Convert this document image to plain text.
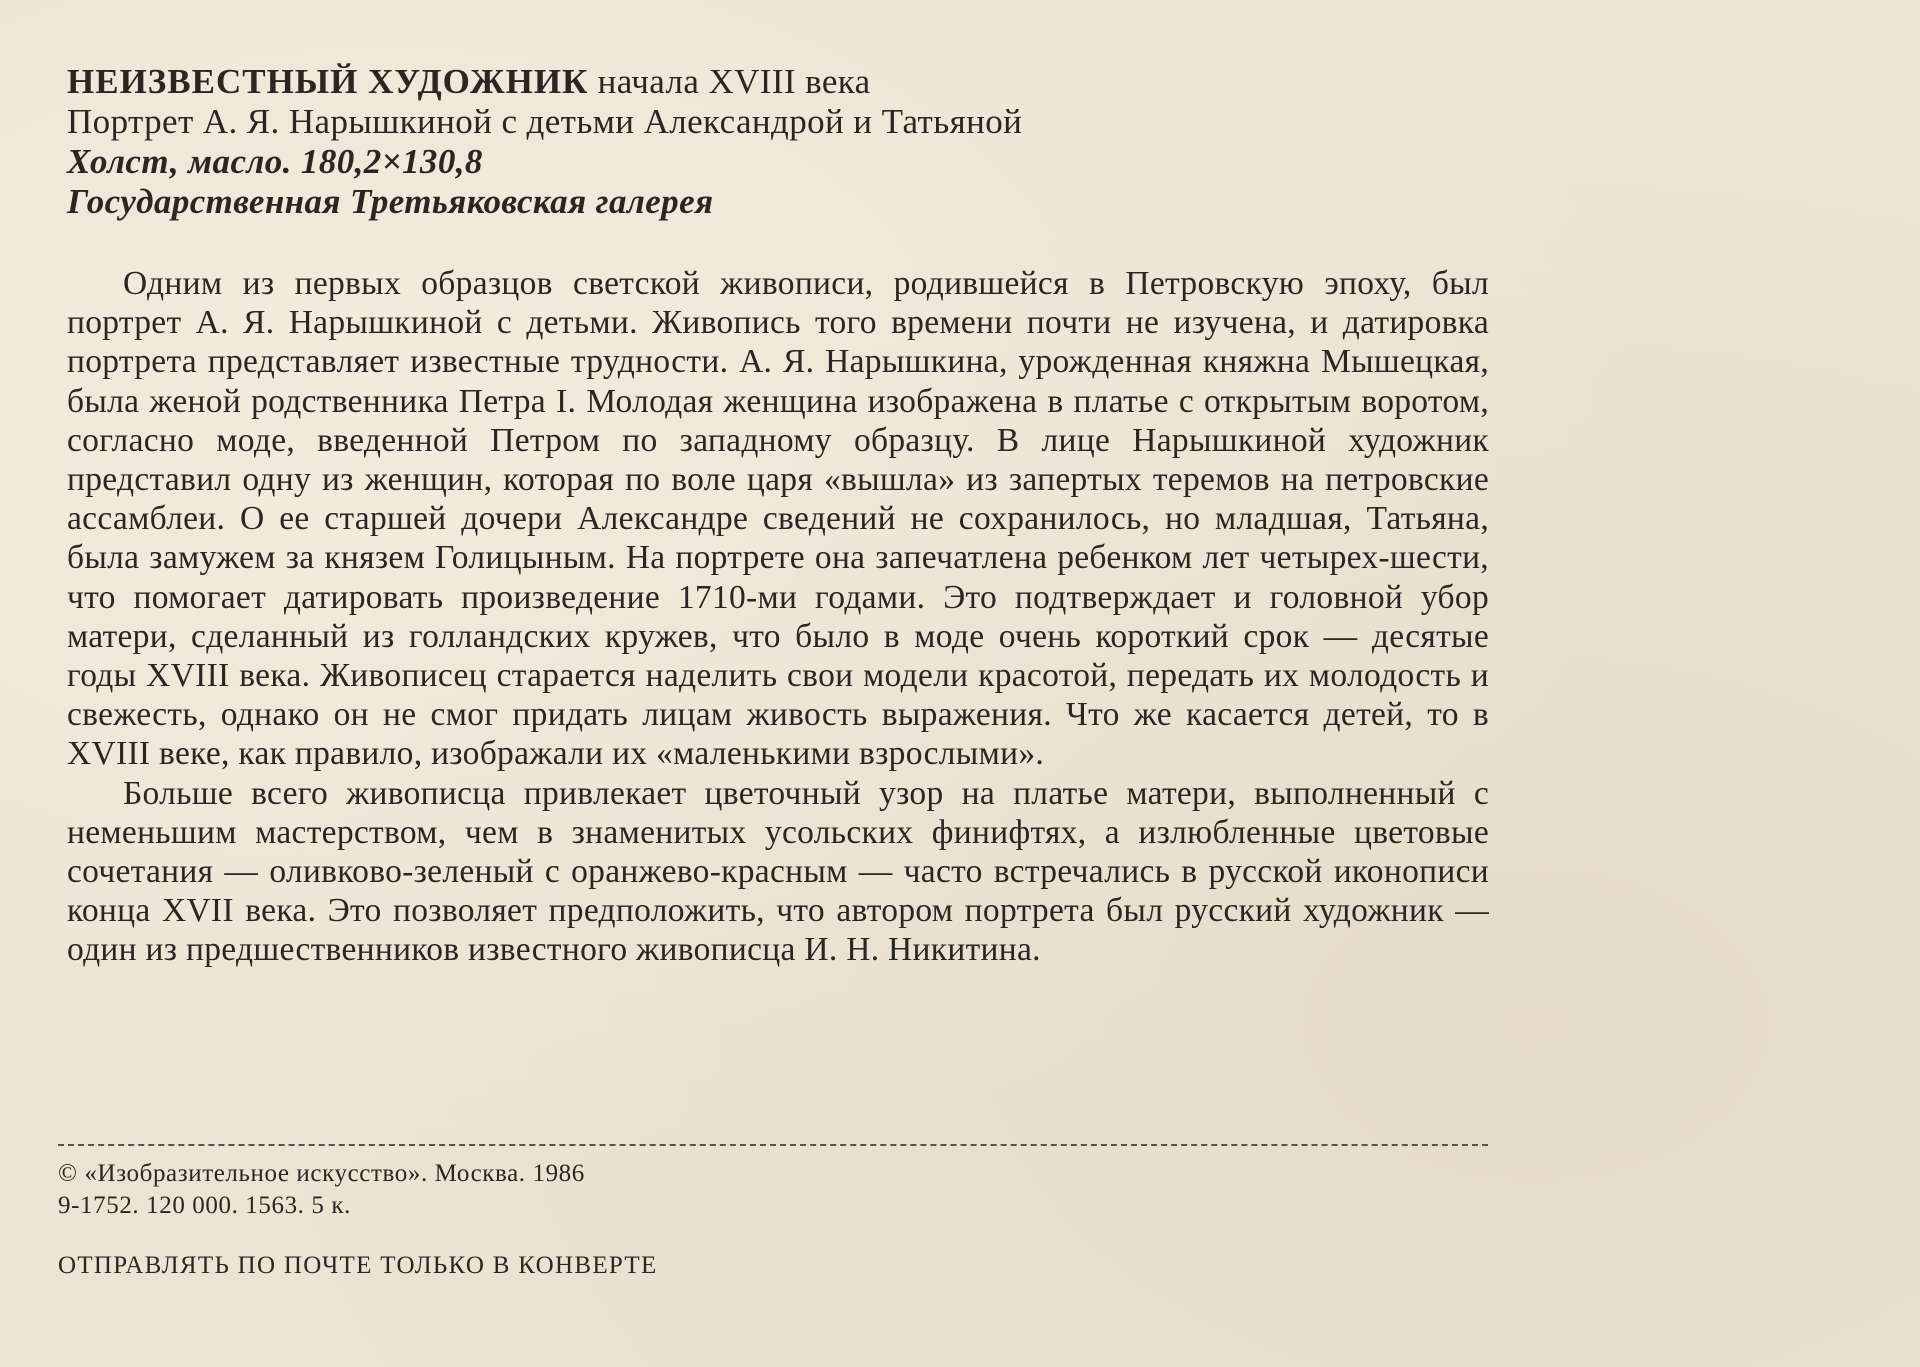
НЕИЗВЕСТНЫЙ ХУДОЖНИК начала XVIII века
Портрет А. Я. Нарышкиной с детьми Александрой и Татьяной
Холст, масло. 180,2×130,8
Государственная Третьяковская галерея

Одним из первых образцов светской живописи, родившейся в Петровскую эпоху, был портрет А. Я. Нарышкиной с детьми. Живопись того времени почти не изучена, и датировка портрета представляет известные трудности. А. Я. Нарышкина, урожденная княжна Мышецкая, была женой родственника Петра I. Молодая женщина изображена в платье с открытым воротом, согласно моде, введенной Петром по западному образцу. В лице Нарышкиной художник представил одну из женщин, которая по воле царя «вышла» из запертых теремов на петровские ассамблеи. О ее старшей дочери Александре сведений не сохранилось, но младшая, Татьяна, была замужем за князем Голицыным. На портрете она запечатлена ребенком лет четырех-шести, что помогает датировать произведение 1710-ми годами. Это подтверждает и головной убор матери, сделанный из голландских кружев, что было в моде очень короткий срок — десятые годы XVIII века. Живописец старается наделить свои модели красотой, передать их молодость и свежесть, однако он не смог придать лицам живость выражения. Что же касается детей, то в XVIII веке, как правило, изображали их «маленькими взрослыми».

Больше всего живописца привлекает цветочный узор на платье матери, выполненный с неменьшим мастерством, чем в знаменитых усольских финифтях, а излюбленные цветовые сочетания — оливково-зеленый с оранжево-красным — часто встречались в русской иконописи конца XVII века. Это позволяет предположить, что автором портрета был русский художник — один из предшественников известного живописца И. Н. Никитина.

© «Изобразительное искусство». Москва. 1986
9-1752. 120 000. 1563. 5 к.
ОТПРАВЛЯТЬ ПО ПОЧТЕ ТОЛЬКО В КОНВЕРТЕ
